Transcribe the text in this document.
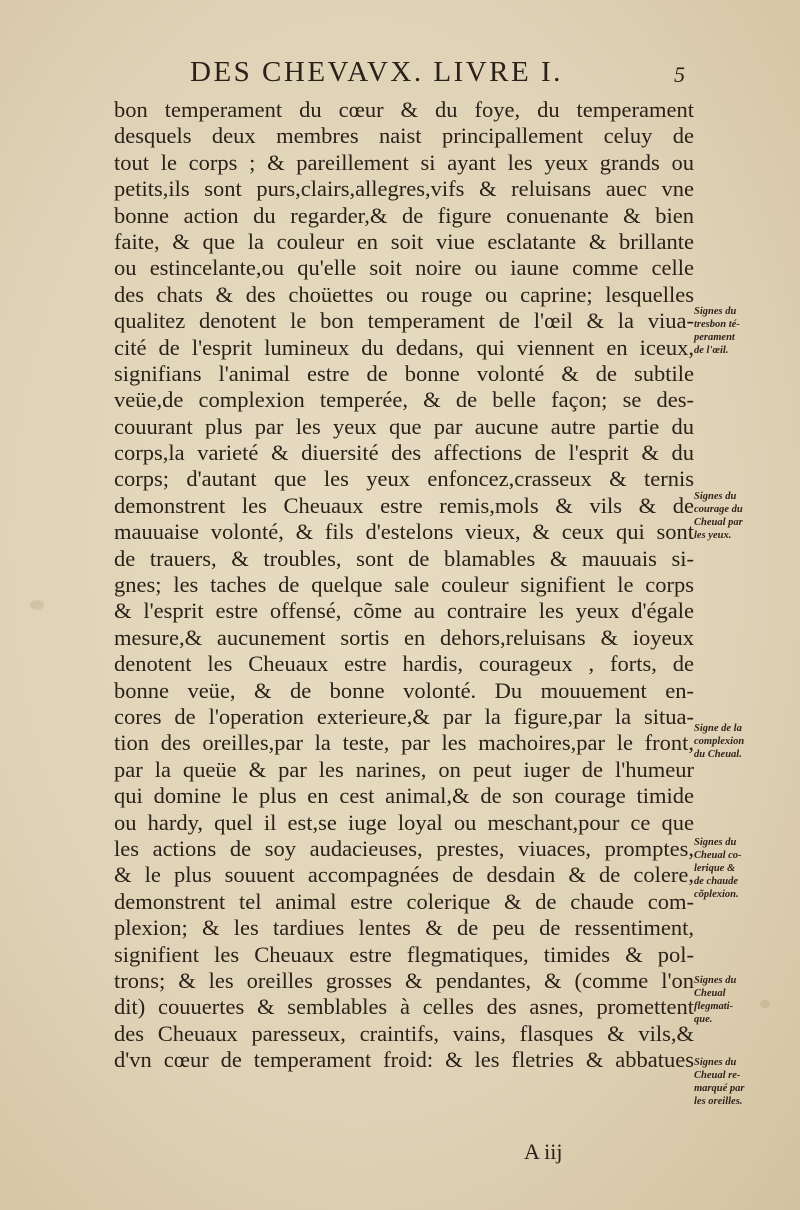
DES CHEVAVX. LIVRE I.	5
bon temperament du cœur & du foye, du temperament
desquels deux membres naist principallement celuy de
tout le corps ; & pareillement si ayant les yeux grands ou
petits,ils sont purs,clairs,allegres,vifs & reluisans auec vne
bonne action du regarder,& de figure conuenante & bien
faite, & que la couleur en soit viue esclatante & brillante
ou estincelante,ou qu'elle soit noire ou iaune comme celle
des chats & des choüettes ou rouge ou caprine; lesquelles
qualitez denotent le bon temperament de l'œil & la viua-
cité de l'esprit lumineux du dedans, qui viennent en iceux,
signifians l'animal estre de bonne volonté & de subtile
veüe,de complexion temperée, & de belle façon; se des-
couurant plus par les yeux que par aucune autre partie du
corps,la varieté & diuersité des affections de l'esprit & du
corps; d'autant que les yeux enfoncez,crasseux & ternis
demonstrent les Cheuaux estre remis,mols & vils & de
mauuaise volonté, & fils d'estelons vieux, & ceux qui sont
de trauers, & troubles, sont de blamables & mauuais si-
gnes; les taches de quelque sale couleur signifient le corps
& l'esprit estre offensé, cõme au contraire les yeux d'égale
mesure,& aucunement sortis en dehors,reluisans & ioyeux
denotent les Cheuaux estre hardis, courageux , forts, de
bonne veüe, & de bonne volonté. Du mouuement en-
cores de l'operation exterieure,& par la figure,par la situa-
tion des oreilles,par la teste, par les machoires,par le front,
par la queüe & par les narines, on peut iuger de l'humeur
qui domine le plus en cest animal,& de son courage timide
ou hardy, quel il est,se iuge loyal ou meschant,pour ce que
les actions de soy audacieuses, prestes, viuaces, promptes,
& le plus souuent accompagnées de desdain & de colere,
demonstrent tel animal estre colerique & de chaude com-
plexion; & les tardiues lentes & de peu de ressentiment,
signifient les Cheuaux estre flegmatiques, timides & pol-
trons; & les oreilles grosses & pendantes, & (comme l'on
dit) couuertes & semblables à celles des asnes, promettent
des Cheuaux paresseux, craintifs, vains, flasques & vils,&
d'vn cœur de temperament froid: & les fletries & abbatues
Signes du
tresbon té-
perament
de l'œil.
Signes du
courage du
Cheual par
les yeux.
Signe de la
complexion
du Cheual.
Signes du
Cheual co-
lerique &
de chaude
cõplexion.
Signes du
Cheual
flegmati-
que.
Signes du
Cheual re-
marqué par
les oreilles.
A iij
